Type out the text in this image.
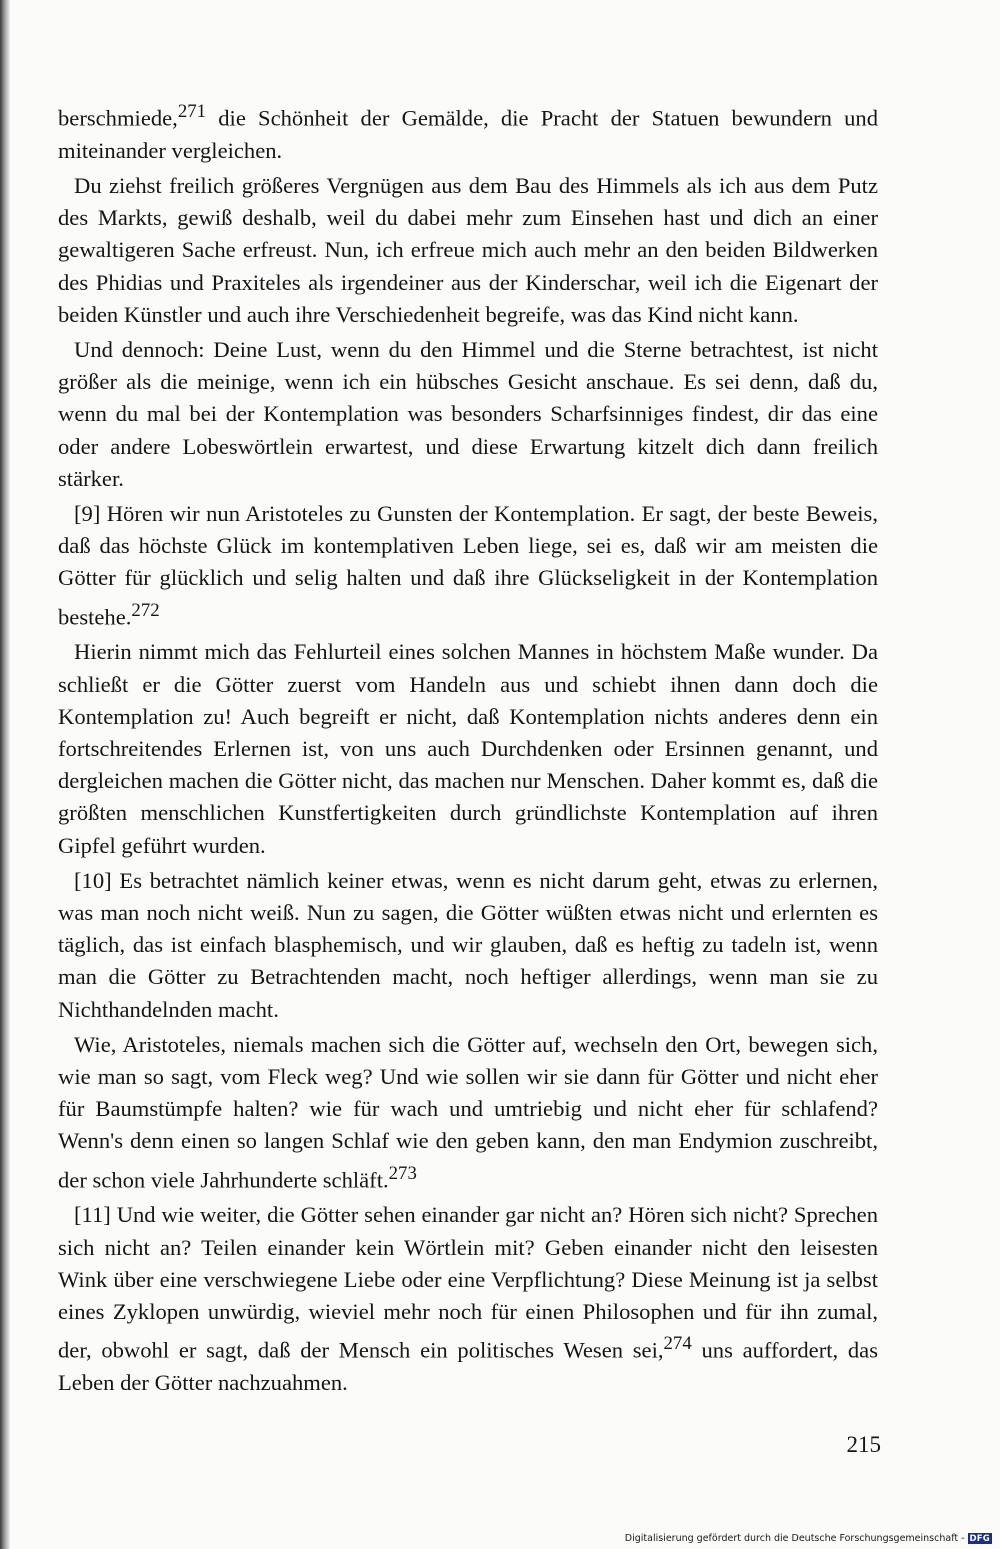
berschmiede,$^{271}$ die Schönheit der Gemälde, die Pracht der Statuen bewundern und miteinander vergleichen.

Du ziehst freilich größeres Vergnügen aus dem Bau des Himmels als ich aus dem Putz des Markts, gewiß deshalb, weil du dabei mehr zum Einsehen hast und dich an einer gewaltigeren Sache erfreust. Nun, ich erfreue mich auch mehr an den beiden Bildwerken des Phidias und Praxiteles als irgendeiner aus der Kinderschar, weil ich die Eigenart der beiden Künstler und auch ihre Verschiedenheit begreife, was das Kind nicht kann.

Und dennoch: Deine Lust, wenn du den Himmel und die Sterne betrachtest, ist nicht größer als die meinige, wenn ich ein hübsches Gesicht anschaue. Es sei denn, daß du, wenn du mal bei der Kontemplation was besonders Scharfsinniges findest, dir das eine oder andere Lobeswörtlein erwartest, und diese Erwartung kitzelt dich dann freilich stärker.

[9] Hören wir nun Aristoteles zu Gunsten der Kontemplation. Er sagt, der beste Beweis, daß das höchste Glück im kontemplativen Leben liege, sei es, daß wir am meisten die Götter für glücklich und selig halten und daß ihre Glückseligkeit in der Kontemplation bestehe.$^{272}$

Hierin nimmt mich das Fehlurteil eines solchen Mannes in höchstem Maße wunder. Da schließt er die Götter zuerst vom Handeln aus und schiebt ihnen dann doch die Kontemplation zu! Auch begreift er nicht, daß Kontemplation nichts anderes denn ein fortschreitendes Erlernen ist, von uns auch Durchdenken oder Ersinnen genannt, und dergleichen machen die Götter nicht, das machen nur Menschen. Daher kommt es, daß die größten menschlichen Kunstfertigkeiten durch gründlichste Kontemplation auf ihren Gipfel geführt wurden.

[10] Es betrachtet nämlich keiner etwas, wenn es nicht darum geht, etwas zu erlernen, was man noch nicht weiß. Nun zu sagen, die Götter wüßten etwas nicht und erlernten es täglich, das ist einfach blasphemisch, und wir glauben, daß es heftig zu tadeln ist, wenn man die Götter zu Betrachtenden macht, noch heftiger allerdings, wenn man sie zu Nichthandelnden macht.

Wie, Aristoteles, niemals machen sich die Götter auf, wechseln den Ort, bewegen sich, wie man so sagt, vom Fleck weg? Und wie sollen wir sie dann für Götter und nicht eher für Baumstümpfe halten? wie für wach und umtriebig und nicht eher für schlafend? Wenn's denn einen so langen Schlaf wie den geben kann, den man Endymion zuschreibt, der schon viele Jahrhunderte schläft.$^{273}$

[11] Und wie weiter, die Götter sehen einander gar nicht an? Hören sich nicht? Sprechen sich nicht an? Teilen einander kein Wörtlein mit? Geben einander nicht den leisesten Wink über eine verschwiegene Liebe oder eine Verpflichtung? Diese Meinung ist ja selbst eines Zyklopen unwürdig, wieviel mehr noch für einen Philosophen und für ihn zumal, der, obwohl er sagt, daß der Mensch ein politisches Wesen sei,$^{274}$ uns auffordert, das Leben der Götter nachzuahmen.

215
Digitalisierung gefördert durch die Deutsche Forschungsgemeinschaft - DFG
